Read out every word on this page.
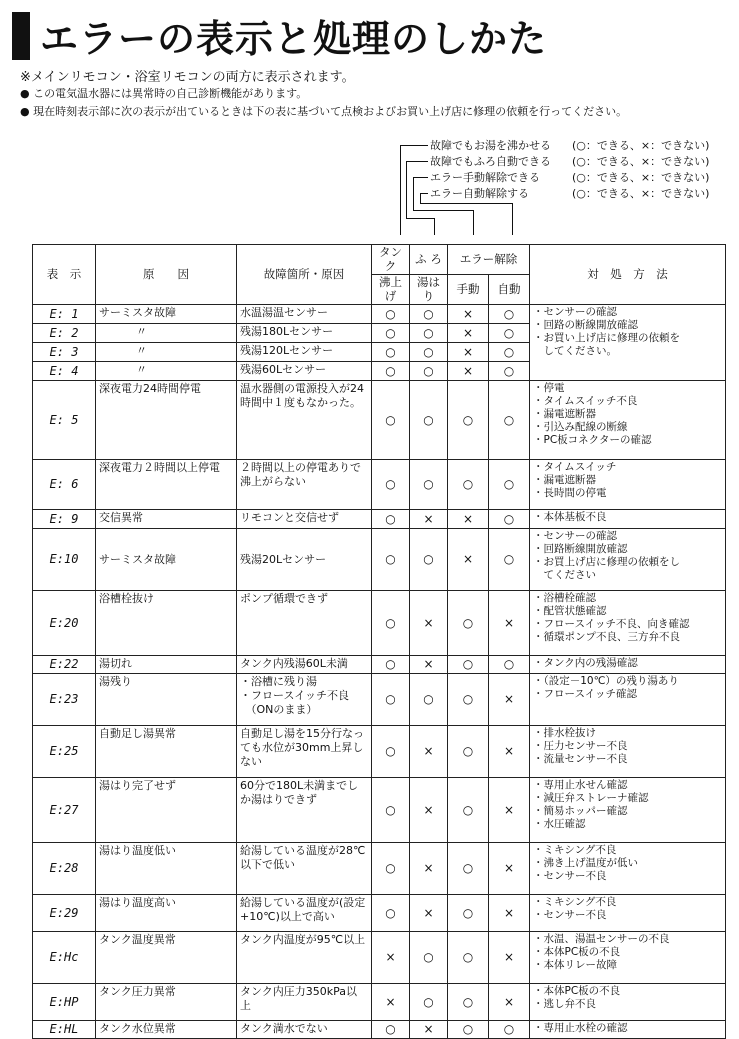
エラーの表示と処理のしかた
※メインリモコン・浴室リモコンの両方に表示されます。
● この電気温水器には異常時の自己診断機能があります。
● 現在時刻表示部に次の表示が出ているときは下の表に基づいて点検およびお買い上げ店に修理の依頼を行ってください。
故障でもお湯を沸かせる (○：できる、×：できない)
故障でもふろ自動できる (○：できる、×：できない)
エラー手動解除できる	(○：できる、×：できない)
エラー自動解除する	(○：できる、×：できない)
表　示	原　　因	故障箇所・原因	タンク	ふ ろ	エラー解除		対　処　方　法
			沸上げ	湯はり	手動	自動	
E: 1	サーミスタ故障	水温湯温センサー	○	○	×	○	・センサーの確認
・回路の断線開放確認
・お買い上げ店に修理の依頼を
　してください。
E: 2	〃	残湯180Lセンサー	○	○	×	○	
E: 3	〃	残湯120Lセンサー	○	○	×	○	
E: 4	〃	残湯60Lセンサー	○	○	×	○	
E: 5	深夜電力24時間停電	温水器側の電源投入が24時間中１度もなかった。	○	○	○	○	・停電
・タイムスイッチ不良
・漏電遮断器
・引込み配線の断線
・PC板コネクターの確認
E: 6	深夜電力２時間以上停電	２時間以上の停電ありで沸上がらない	○	○	○	○	・タイムスイッチ
・漏電遮断器
・長時間の停電
E: 9	交信異常	リモコンと交信せず	○	×	×	○	・本体基板不良
E:10	サーミスタ故障	残湯20Lセンサー	○	○	×	○	・センサーの確認
・回路断線開放確認
・お買上げ店に修理の依頼をし
　てください
E:20	浴槽栓抜け	ポンプ循環できず	○	×	○	×	・浴槽栓確認
・配管状態確認
・フロースイッチ不良、向き確認
・循環ポンプ不良、三方弁不良
E:22	湯切れ	タンク内残湯60L未満	○	×	○	○	・タンク内の残湯確認
E:23	湯残り	・浴槽に残り湯
・フロースイッチ不良
　（ONのまま）	○	○	○	×	・（設定－10℃）の残り湯あり
・フロースイッチ確認
E:25	自動足し湯異常	自動足し湯を15分行なっても水位が30mm上昇しない	○	×	○	×	・排水栓抜け
・圧力センサー不良
・流量センサー不良
E:27	湯はり完了せず	60分で180L未満までしか湯はりできず	○	×	○	×	・専用止水せん確認
・減圧弁ストレーナ確認
・簡易ホッパー確認
・水圧確認
E:28	湯はり温度低い	給湯している温度が28℃以下で低い	○	×	○	×	・ミキシング不良
・沸き上げ温度が低い
・センサー不良
E:29	湯はり温度高い	給湯している温度が(設定+10℃)以上で高い	○	×	○	×	・ミキシング不良
・センサー不良
E:Hc	タンク温度異常	タンク内温度が95℃以上	×	○	○	×	・水温、湯温センサーの不良
・本体PC板の不良
・本体リレー故障
E:HP	タンク圧力異常	タンク内圧力350kPa以上	×	○	○	×	・本体PC板の不良
・逃し弁不良
E:HL	タンク水位異常	タンク満水でない	○	×	○	○	・専用止水栓の確認
